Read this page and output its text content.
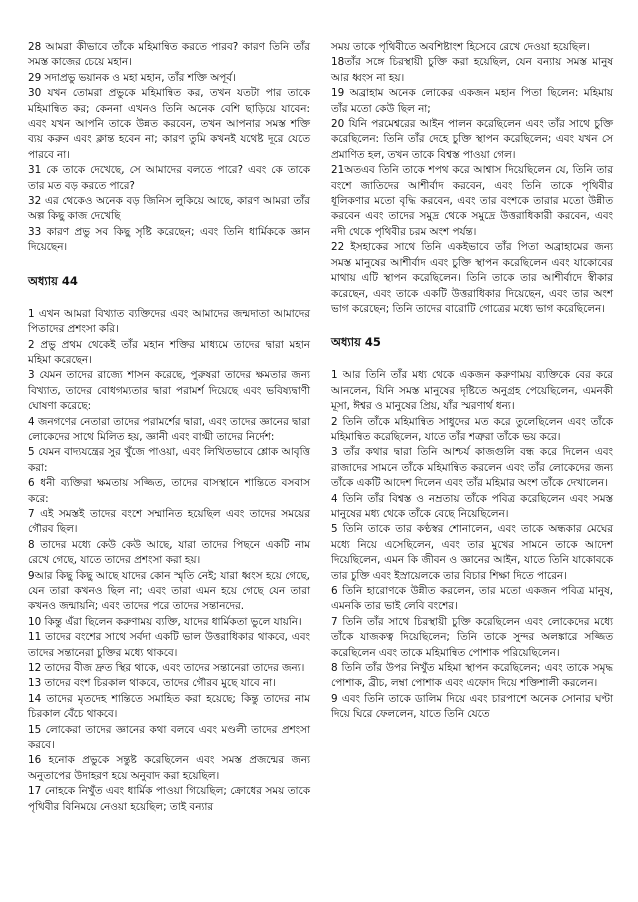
28 আমরা কীভাবে তাঁকে মহিমান্বিত করতে পারব? কারণ তিনি তাঁর সমস্ত কাজের চেয়ে মহান।

29 সদাপ্রভু ভয়ানক ও মহা মহান, তাঁর শক্তি অপূর্ব।

30 যখন তোমরা প্রভুকে মহিমান্বিত কর, তখন যতটা পার তাকে মহিমান্বিত কর; কেননা এখনও তিনি অনেক বেশি ছাড়িয়ে যাবেন: এবং যখন আপনি তাকে উন্নত করবেন, তখন আপনার সমস্ত শক্তি ব্যয় করুন এবং ক্লান্ত হবেন না; কারণ তুমি কখনই যথেষ্ট দূরে যেতে পারবে না।

31 কে তাকে দেখেছে, সে আমাদের বলতে পারে? এবং কে তাকে তার মত বড় করতে পারে?

32 এর থেকেও অনেক বড় জিনিস লুকিয়ে আছে, কারণ আমরা তাঁর অল্প কিছু কাজ দেখেছি

33 কারণ প্রভু সব কিছু সৃষ্টি করেছেন; এবং তিনি ধার্মিককে জ্ঞান দিয়েছেন।

অধ্যায় 44

1 এখন আমরা বিখ্যাত ব্যক্তিদের এবং আমাদের জন্মদাতা আমাদের পিতাদের প্রশংসা করি।

2 প্রভু প্রথম থেকেই তাঁর মহান শক্তির মাধ্যমে তাদের দ্বারা মহান মহিমা করেছেন।

3 যেমন তাদের রাজ্যে শাসন করেছে, পুরুষরা তাদের ক্ষমতার জন্য বিখ্যাত, তাদের বোধগম্যতার দ্বারা পরামর্শ দিয়েছে এবং ভবিষ্যদ্বাণী ঘোষণা করেছে:

4 জনগণের নেতারা তাদের পরামর্শের দ্বারা, এবং তাদের জ্ঞানের দ্বারা লোকেদের সাথে মিলিত হয়, জ্ঞানী এবং বাগ্মী তাদের নির্দেশ:

5 যেমন বাদ্যযন্ত্রের সুর খুঁজে পাওয়া, এবং লিখিতভাবে শ্লোক আবৃত্তি করা:

6 ধনী ব্যক্তিরা ক্ষমতায় সজ্জিত, তাদের বাসস্থানে শান্তিতে বসবাস করে:

7 এই সমস্তই তাদের বংশে সম্মানিত হয়েছিল এবং তাদের সময়ের গৌরব ছিল।

8 তাদের মধ্যে কেউ কেউ আছে, যারা তাদের পিছনে একটি নাম রেখে গেছে, যাতে তাদের প্রশংসা করা হয়।

9আর কিছু কিছু আছে যাদের কোন স্মৃতি নেই; যারা ধ্বংস হয়ে গেছে, যেন তারা কখনও ছিল না; এবং তারা এমন হয়ে গেছে যেন তারা কখনও জন্মায়নি; এবং তাদের পরে তাদের সন্তানদের.

10 কিন্তু এঁরা ছিলেন করুণাময় ব্যক্তি, যাদের ধার্মিকতা ভুলে যায়নি।

11 তাদের বংশের সাথে সর্বদা একটি ভাল উত্তরাধিকার থাকবে, এবং তাদের সন্তানেরা চুক্তির মধ্যে থাকবে।

12 তাদের বীজ দ্রুত স্থির থাকে, এবং তাদের সন্তানেরা তাদের জন্য।

13 তাদের বংশ চিরকাল থাকবে, তাদের গৌরব মুছে যাবে না।

14 তাদের মৃতদেহ শান্তিতে সমাহিত করা হয়েছে; কিন্তু তাদের নাম চিরকাল বেঁচে থাকবে।

15 লোকেরা তাদের জ্ঞানের কথা বলবে এবং মণ্ডলী তাদের প্রশংসা করবে।

16 হনোক প্রভুকে সন্তুষ্ট করেছিলেন এবং সমস্ত প্রজন্মের জন্য অনুতাপের উদাহরণ হয়ে অনুবাদ করা হয়েছিল।

17 নোহকে নিখুঁত এবং ধার্মিক পাওয়া গিয়েছিল; ক্রোধের সময় তাকে পৃথিবীর বিনিময়ে নেওয়া হয়েছিল; তাই বন্যার

সময় তাকে পৃথিবীতে অবশিষ্টাংশ হিসেবে রেখে দেওয়া হয়েছিল।

18তাঁর সঙ্গে চিরস্থায়ী চুক্তি করা হয়েছিল, যেন বন্যায় সমস্ত মানুষ আর ধ্বংস না হয়।

19 অব্রাহাম অনেক লোকের একজন মহান পিতা ছিলেন: মহিমায় তাঁর মতো কেউ ছিল না;

20 যিনি পরমেশ্বরের আইন পালন করেছিলেন এবং তাঁর সাথে চুক্তি করেছিলেন: তিনি তাঁর দেহে চুক্তি স্থাপন করেছিলেন; এবং যখন সে প্রমাণিত হল, তখন তাকে বিশ্বস্ত পাওয়া গেল।

21অতএব তিনি তাকে শপথ করে আশ্বাস দিয়েছিলেন যে, তিনি তার বংশে জাতিদের আশীর্বাদ করবেন, এবং তিনি তাকে পৃথিবীর ধূলিকণার মতো বৃদ্ধি করবেন, এবং তার বংশকে তারার মতো উন্নীত করবেন এবং তাদের সমুদ্র থেকে সমুদ্রে উত্তরাধিকারী করবেন, এবং নদী থেকে পৃথিবীর চরম অংশ পর্যন্ত।

22 ইসহাকের সাথে তিনি একইভাবে তাঁর পিতা অব্রাহামের জন্য সমস্ত মানুষের আশীর্বাদ এবং চুক্তি স্থাপন করেছিলেন এবং যাকোবের মাথায় এটি স্থাপন করেছিলেন। তিনি তাকে তার আশীর্বাদে স্বীকার করেছেন, এবং তাকে একটি উত্তরাধিকার দিয়েছেন, এবং তার অংশ ভাগ করেছেন; তিনি তাদের বারোটি গোত্রের মধ্যে ভাগ করেছিলেন।

অধ্যায় 45

1 আর তিনি তাঁর মধ্য থেকে একজন করুণাময় ব্যক্তিকে বের করে আনলেন, যিনি সমস্ত মানুষের দৃষ্টিতে অনুগ্রহ পেয়েছিলেন, এমনকী মূসা, ঈশ্বর ও মানুষের প্রিয়, যাঁর স্মরণার্থ ধন্য।

2 তিনি তাঁকে মহিমান্বিত সাধুদের মত করে তুলেছিলেন এবং তাঁকে মহিমান্বিত করেছিলেন, যাতে তাঁর শত্রুরা তাঁকে ভয় করে।

3 তাঁর কথার দ্বারা তিনি আশ্চর্য কাজগুলি বন্ধ করে দিলেন এবং রাজাদের সামনে তাঁকে মহিমান্বিত করলেন এবং তাঁর লোকেদের জন্য তাঁকে একটি আদেশ দিলেন এবং তাঁর মহিমার অংশ তাঁকে দেখালেন।

4 তিনি তাঁর বিশ্বস্ত ও নম্রতায় তাঁকে পবিত্র করেছিলেন এবং সমস্ত মানুষের মধ্য থেকে তাঁকে বেছে নিয়েছিলেন।

5 তিনি তাকে তার কণ্ঠস্বর শোনালেন, এবং তাকে অন্ধকার মেঘের মধ্যে নিয়ে এসেছিলেন, এবং তার মুখের সামনে তাকে আদেশ দিয়েছিলেন, এমন কি জীবন ও জ্ঞানের আইন, যাতে তিনি যাকোবকে তার চুক্তি এবং ইস্রায়েলকে তার বিচার শিক্ষা দিতে পারেন।

6 তিনি হারোণকে উন্নীত করলেন, তার মতো একজন পবিত্র মানুষ, এমনকি তার ভাই লেবি বংশের।

7 তিনি তাঁর সাথে চিরস্থায়ী চুক্তি করেছিলেন এবং লোকেদের মধ্যে তাঁকে যাজকত্ব দিয়েছিলেন; তিনি তাকে সুন্দর অলঙ্কারে সজ্জিত করেছিলেন এবং তাকে মহিমান্বিত পোশাক পরিয়েছিলেন।

8 তিনি তাঁর উপর নিখুঁত মহিমা স্থাপন করেছিলেন; এবং তাকে সমৃদ্ধ পোশাক, ব্রীচ, লম্বা পোশাক এবং এফোদ দিয়ে শক্তিশালী করলেন।

9 এবং তিনি তাকে ডালিম দিয়ে এবং চারপাশে অনেক সোনার ঘণ্টা দিয়ে ঘিরে ফেললেন, যাতে তিনি যেতে
